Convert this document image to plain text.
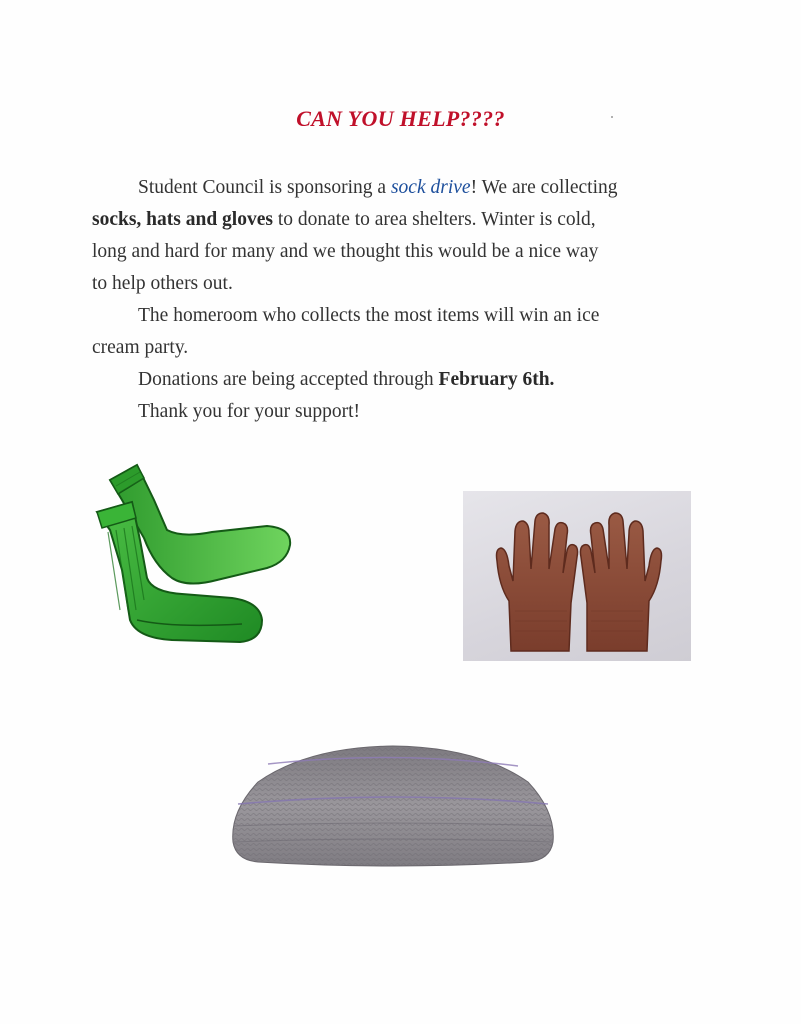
CAN YOU HELP????
Student Council is sponsoring a sock drive! We are collecting
socks, hats and gloves to donate to area shelters. Winter is cold,
long and hard for many and we thought this would be a nice way
to help others out.
The homeroom who collects the most items will win an ice
cream party.
Donations are being accepted through February 6th.
Thank you for your support!
